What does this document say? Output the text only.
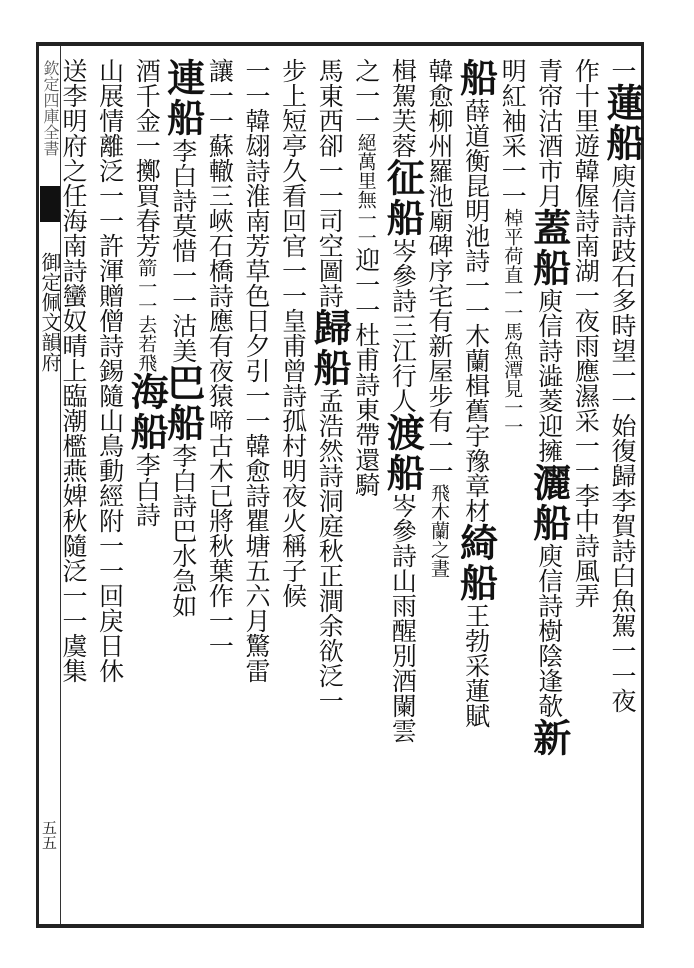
欽定四庫全書  御定佩文韻府
五五
一蓮船庾信詩跂石多時望一一始復歸李賀詩白魚駕一一夜
作十里遊韓偓詩南湖一夜雨應濕采一一李中詩風弄
青帘沽酒市月蓋船庾信詩澁菱迎擁灑船庾信詩樹陰逢欹新
明紅袖采一一棹平荷直一一馬魚潭見一一
船薛道衡昆明池詩一一木蘭楫舊宇豫章材綺船王勃采蓮賦
韓愈柳州羅池廟碑序宅有新屋步有一一飛木蘭之晝
楫駕芙蓉征船岑參詩三江行人渡船岑參詩山雨醒別酒闌雲
之一一絕萬里無一一迎一一杜甫詩東帶還騎
馬東西卻一一司空圖詩歸船孟浩然詩洞庭秋正澗余欲泛一
步上短亭久看回官一一皇甫曾詩孤村明夜火稱子候
一一韓翃詩淮南芳草色日夕引一一韓愈詩瞿塘五六月驚雷
讓一一蘇轍三峽石橋詩應有夜猿啼古木已將秋葉作一一
連船李白詩莫惜一一沽美巴船李白詩巴水急如
酒千金一擲買春芳箭一一去若飛海船李白詩
山展情離泛一一許渾贈僧詩錫隨山鳥動經附一一回戾日休
送李明府之任海南詩蠻奴晴上臨潮檻燕婢秋隨泛一一虞集
